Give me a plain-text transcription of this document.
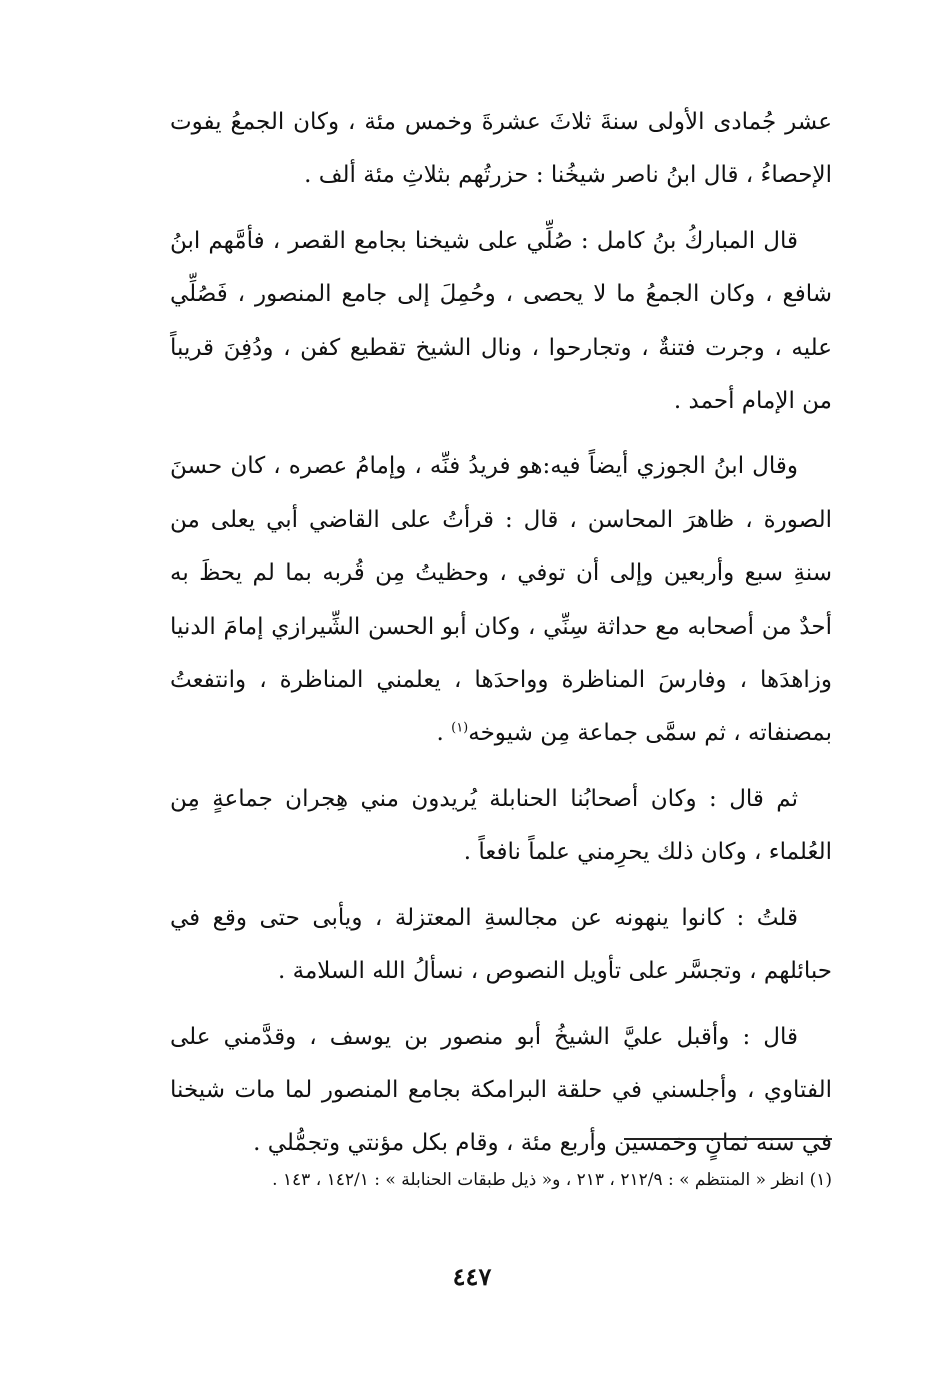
عشر جُمادى الأولى سنةَ ثلاثَ عشرةَ وخمس مئة ، وكان الجمعُ يفوت الإحصاءُ ، قال ابنُ ناصر شيخُنا : حزرتُهم بثلاثِ مئة ألف .

قال المباركُ بنُ كامل : صُلِّي على شيخنا بجامع القصر ، فأمَّهم ابنُ شافع ، وكان الجمعُ ما لا يحصى ، وحُمِلَ إلى جامع المنصور ، فَصُلِّي عليه ، وجرت فتنةٌ ، وتجارحوا ، ونال الشيخ تقطيع كفن ، ودُفِنَ قريباً من الإمام أحمد .

وقال ابنُ الجوزي أيضاً فيه:هو فريدُ فنِّه ، وإمامُ عصره ، كان حسنَ الصورة ، ظاهرَ المحاسن ، قال : قرأتُ على القاضي أبي يعلى من سنةِ سبع وأربعين وإلى أن توفي ، وحظيتُ مِن قُربه بما لم يحظَ به أحدٌ من أصحابه مع حداثة سِنِّي ، وكان أبو الحسن الشِّيرازي إمامَ الدنيا وزاهدَها ، وفارسَ المناظرة وواحدَها ، يعلمني المناظرة ، وانتفعتُ بمصنفاته ، ثم سمَّى جماعة مِن شيوخه$^{(١)}$ .

ثم قال : وكان أصحابُنا الحنابلة يُريدون مني هِجران جماعةٍ مِن العُلماء ، وكان ذلك يحرِمني علماً نافعاً .

قلتُ : كانوا ينهونه عن مجالسةِ المعتزلة ، ويأبى حتى وقع في حبائلهم ، وتجسَّر على تأويل النصوص ، نسألُ الله السلامة .

قال : وأقبل عليَّ الشيخُ أبو منصور بن يوسف ، وقدَّمني على الفتاوي ، وأجلسني في حلقة البرامكة بجامع المنصور لما مات شيخنا في سنة ثمانٍ وخمسين وأربع مئة ، وقام بكل مؤنتي وتجمُّلي .

(١) انظر « المنتظم » : ٢١٢/٩ ، ٢١٣ ، و« ذيل طبقات الحنابلة » : ١٤٢/١ ، ١٤٣ .

٤٤٧
